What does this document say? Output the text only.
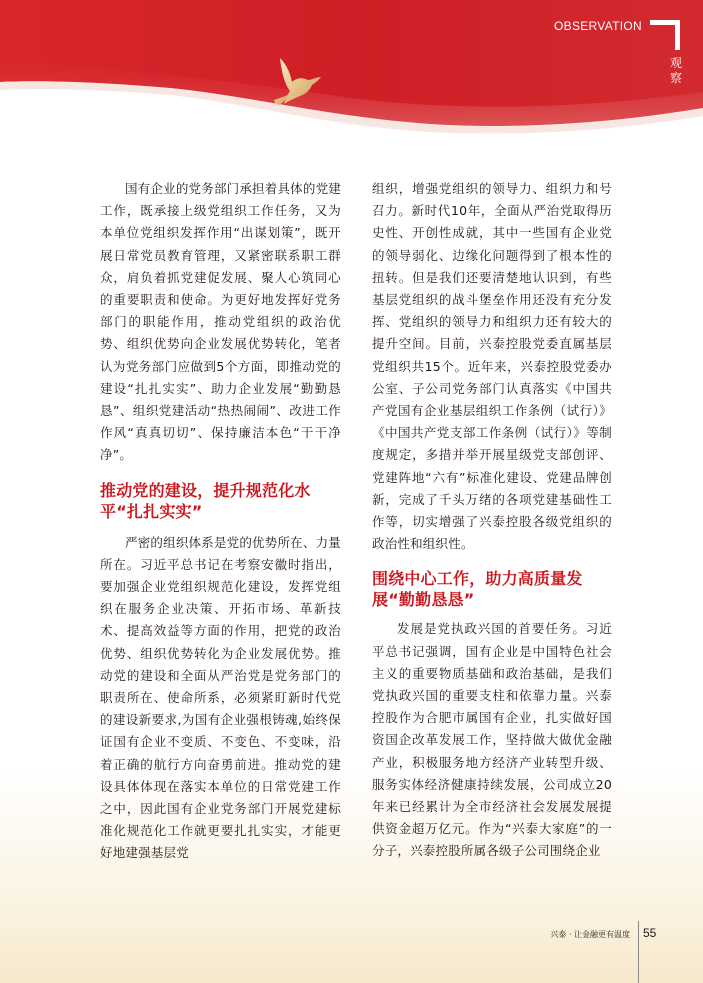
OBSERVATION
观察

国有企业的党务部门承担着具体的党建工作，既承接上级党组织工作任务，又为本单位党组织发挥作用“出谋划策”，既开展日常党员教育管理，又紧密联系职工群众，肩负着抓党建促发展、聚人心筑同心的重要职责和使命。为更好地发挥好党务部门的职能作用，推动党组织的政治优势、组织优势向企业发展优势转化，笔者认为党务部门应做到5个方面，即推动党的建设“扎扎实实”、助力企业发展“勤勤恳恳”、组织党建活动“热热闹闹”、改进工作作风“真真切切”、保持廉洁本色“干干净净”。

推动党的建设，提升规范化水平“扎扎实实”

严密的组织体系是党的优势所在、力量所在。习近平总书记在考察安徽时指出，要加强企业党组织规范化建设，发挥党组织在服务企业决策、开拓市场、革新技术、提高效益等方面的作用，把党的政治优势、组织优势转化为企业发展优势。推动党的建设和全面从严治党是党务部门的职责所在、使命所系，必须紧盯新时代党的建设新要求,为国有企业强根铸魂,始终保证国有企业不变质、不变色、不变味，沿着正确的航行方向奋勇前进。推动党的建设具体体现在落实本单位的日常党建工作之中，因此国有企业党务部门开展党建标准化规范化工作就更要扎扎实实，才能更好地建强基层党

组织，增强党组织的领导力、组织力和号召力。新时代10年，全面从严治党取得历史性、开创性成就，其中一些国有企业党的领导弱化、边缘化问题得到了根本性的扭转。但是我们还要清楚地认识到，有些基层党组织的战斗堡垒作用还没有充分发挥、党组织的领导力和组织力还有较大的提升空间。目前，兴泰控股党委直属基层党组织共15个。近年来，兴泰控股党委办公室、子公司党务部门认真落实《中国共产党国有企业基层组织工作条例（试行）》《中国共产党支部工作条例（试行）》等制度规定，多措并举开展星级党支部创评、党建阵地“六有”标准化建设、党建品牌创新，完成了千头万绪的各项党建基础性工作等，切实增强了兴泰控股各级党组织的政治性和组织性。

围绕中心工作，助力高质量发展“勤勤恳恳”

发展是党执政兴国的首要任务。习近平总书记强调，国有企业是中国特色社会主义的重要物质基础和政治基础，是我们党执政兴国的重要支柱和依靠力量。兴泰控股作为合肥市属国有企业，扎实做好国资国企改革发展工作，坚持做大做优金融产业，积极服务地方经济产业转型升级、服务实体经济健康持续发展，公司成立20年来已经累计为全市经济社会发展发展提供资金超万亿元。作为“兴泰大家庭”的一分子，兴泰控股所属各级子公司围绕企业

兴泰 · 让金融更有温度 55
